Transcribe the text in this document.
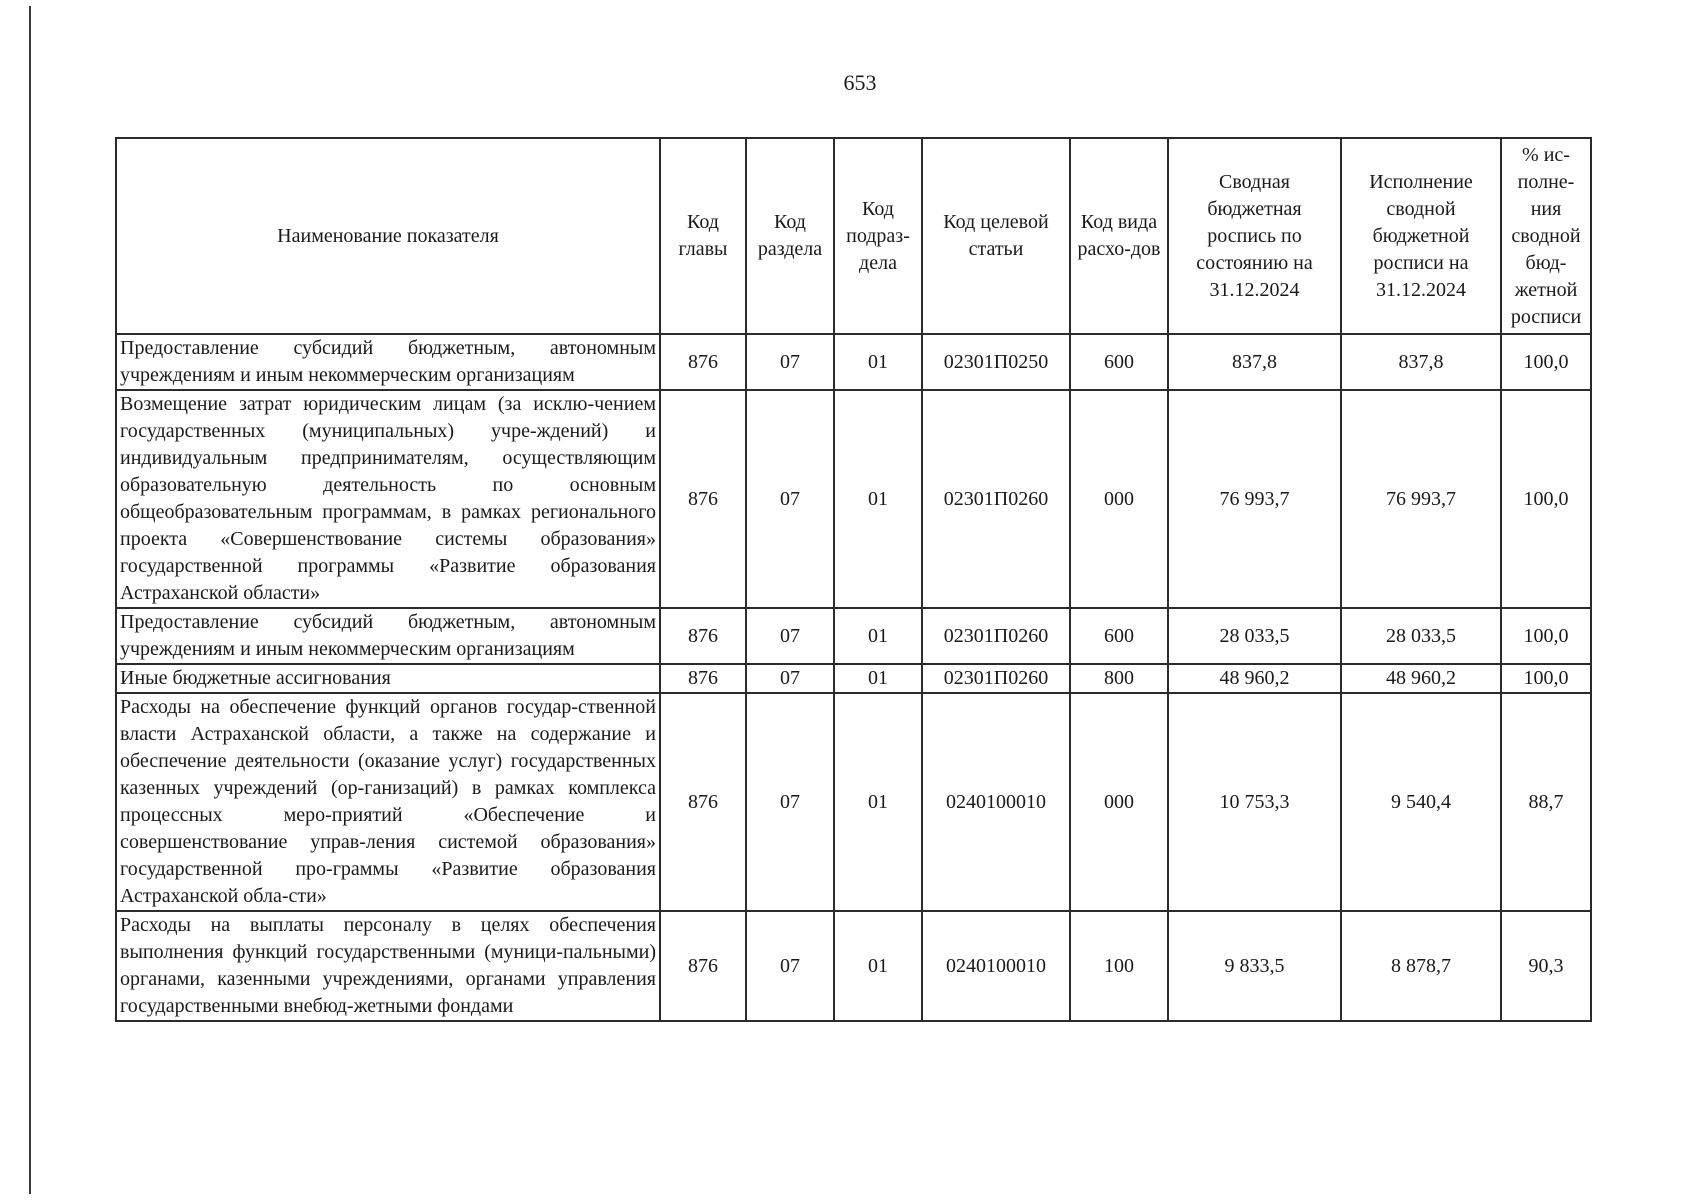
653
Наименование показателя	Код главы	Код раздела	Код подраз-дела	Код целевой статьи	Код вида расхо-дов	Сводная бюджетная роспись по состоянию на 31.12.2024	Исполнение сводной бюджетной росписи на 31.12.2024	% ис-полне-ния сводной бюд-жетной росписи
Предоставление субсидий бюджетным, автономным учреждениям и иным некоммерческим организациям	876	07	01	02301П0250	600	837,8	837,8	100,0
Возмещение затрат юридическим лицам (за исклю-чением государственных (муниципальных) учре-ждений) и индивидуальным предпринимателям, осуществляющим образовательную деятельность по основным общеобразовательным программам, в рамках регионального проекта «Совершенствование системы образования» государственной программы «Развитие образования Астраханской области»	876	07	01	02301П0260	000	76 993,7	76 993,7	100,0
Предоставление субсидий бюджетным, автономным учреждениям и иным некоммерческим организациям	876	07	01	02301П0260	600	28 033,5	28 033,5	100,0
Иные бюджетные ассигнования	876	07	01	02301П0260	800	48 960,2	48 960,2	100,0
Расходы на обеспечение функций органов государ-ственной власти Астраханской области, а также на содержание и обеспечение деятельности (оказание услуг) государственных казенных учреждений (ор-ганизаций) в рамках комплекса процессных меро-приятий «Обеспечение и совершенствование управ-ления системой образования» государственной про-граммы «Развитие образования Астраханской обла-сти»	876	07	01	0240100010	000	10 753,3	9 540,4	88,7
Расходы на выплаты персоналу в целях обеспечения выполнения функций государственными (муници-пальными) органами, казенными учреждениями, органами управления государственными внебюд-жетными фондами	876	07	01	0240100010	100	9 833,5	8 878,7	90,3
